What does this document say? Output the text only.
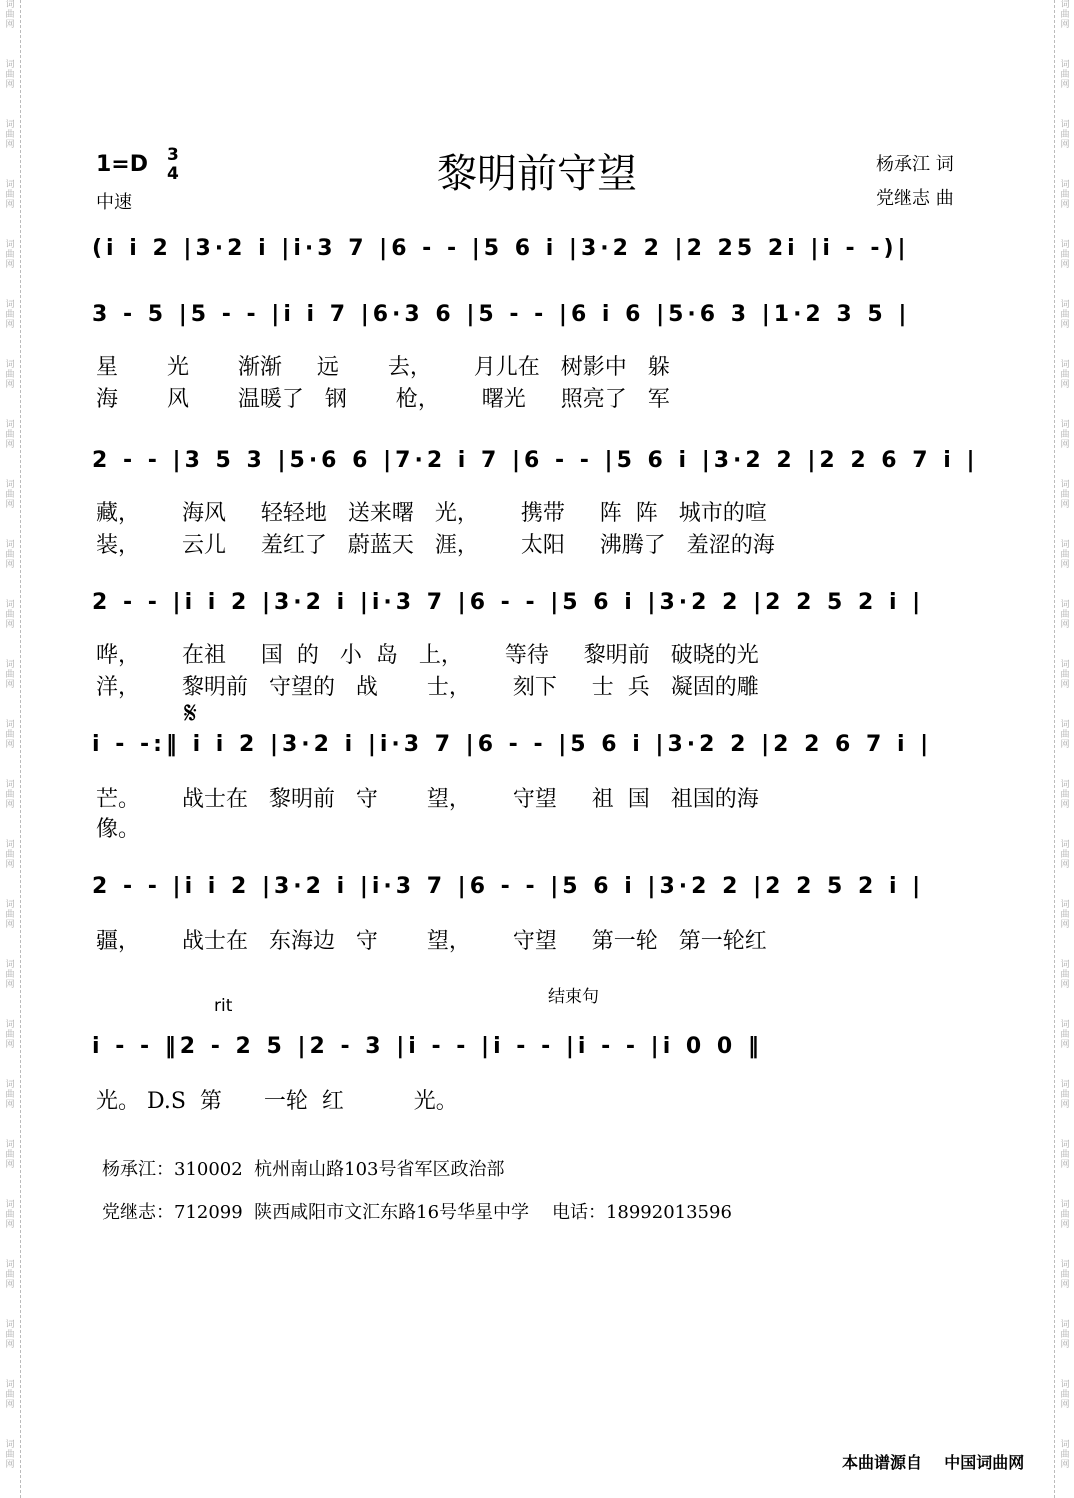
词
曲
网
词
曲
网
词
曲
网
词
曲
网
词
曲
网
词
曲
网
词
曲
网
词
曲
网
词
曲
网
词
曲
网
词
曲
网
词
曲
网
词
曲
网
词
曲
网
词
曲
网
词
曲
网
词
曲
网
词
曲
网
词
曲
网
词
曲
网
词
曲
网
词
曲
网
词
曲
网
词
曲
网
词
曲
网
词
曲
网
词
曲
网
词
曲
网
词
曲
网
词
曲
网
词
曲
网
词
曲
网
词
曲
网
词
曲
网
词
曲
网
词
曲
网
词
曲
网
词
曲
网
词
曲
网
词
曲
网
词
曲
网
词
曲
网
词
曲
网
词
曲
网
词
曲
网
词
曲
网
词
曲
网
词
曲
网
词
曲
网
词
曲
网
1=D 3
4
中速
黎明前守望	杨承江 词
党继志 曲
(i i 2 |3·2 i |i·3 7 |6 - - |5 6 i |3·2 2 |2 25 2i |i - -)|
3 - 5 |5 - - |i i 7 |6·3 6 |5 - - |6 i 6 |5·6 3 |1·2 3 5 |
星       光       渐渐     远       去，      月儿在   树影中   躲
海       风       温暖了   钢       枪，      曙光     照亮了   军
2 - - |3 5 3 |5·6 6 |7·2 i 7 |6 - - |5 6 i |3·2 2 |2 2 6 7 i |
藏，      海风     轻轻地   送来曙   光，      携带     阵  阵   城市的喧
装，      云儿     羞红了   蔚蓝天   涯，      太阳     沸腾了   羞涩的海
2 - - |i i 2 |3·2 i |i·3 7 |6 - - |5 6 i |3·2 2 |2 2 5 2 i |
哗，      在祖     国  的   小  岛   上，      等待     黎明前   破晓的光
洋，      黎明前   守望的   战       士，      刻下     士  兵   凝固的雕
i - -:‖ i i 2 |3·2 i |i·3 7 |6 - - |5 6 i |3·2 2 |2 2 6 7 i |
芒。      战士在   黎明前   守       望，      守望     祖  国   祖国的海
像。
2 - - |i i 2 |3·2 i |i·3 7 |6 - - |5 6 i |3·2 2 |2 2 5 2 i |
疆，      战士在   东海边   守       望，      守望     第一轮   第一轮红
i - - ‖2 - 2 5 |2 - 3 |i - - |i - - |i - - |i 0 0 ‖
光。 D.S  第      一轮  红          光。
rit	结束句
𝄋
杨承江：310002  杭州南山路103号省军区政治部
党继志：712099  陕西咸阳市文汇东路16号华星中学    电话：18992013596
本曲谱源自 中国词曲网
